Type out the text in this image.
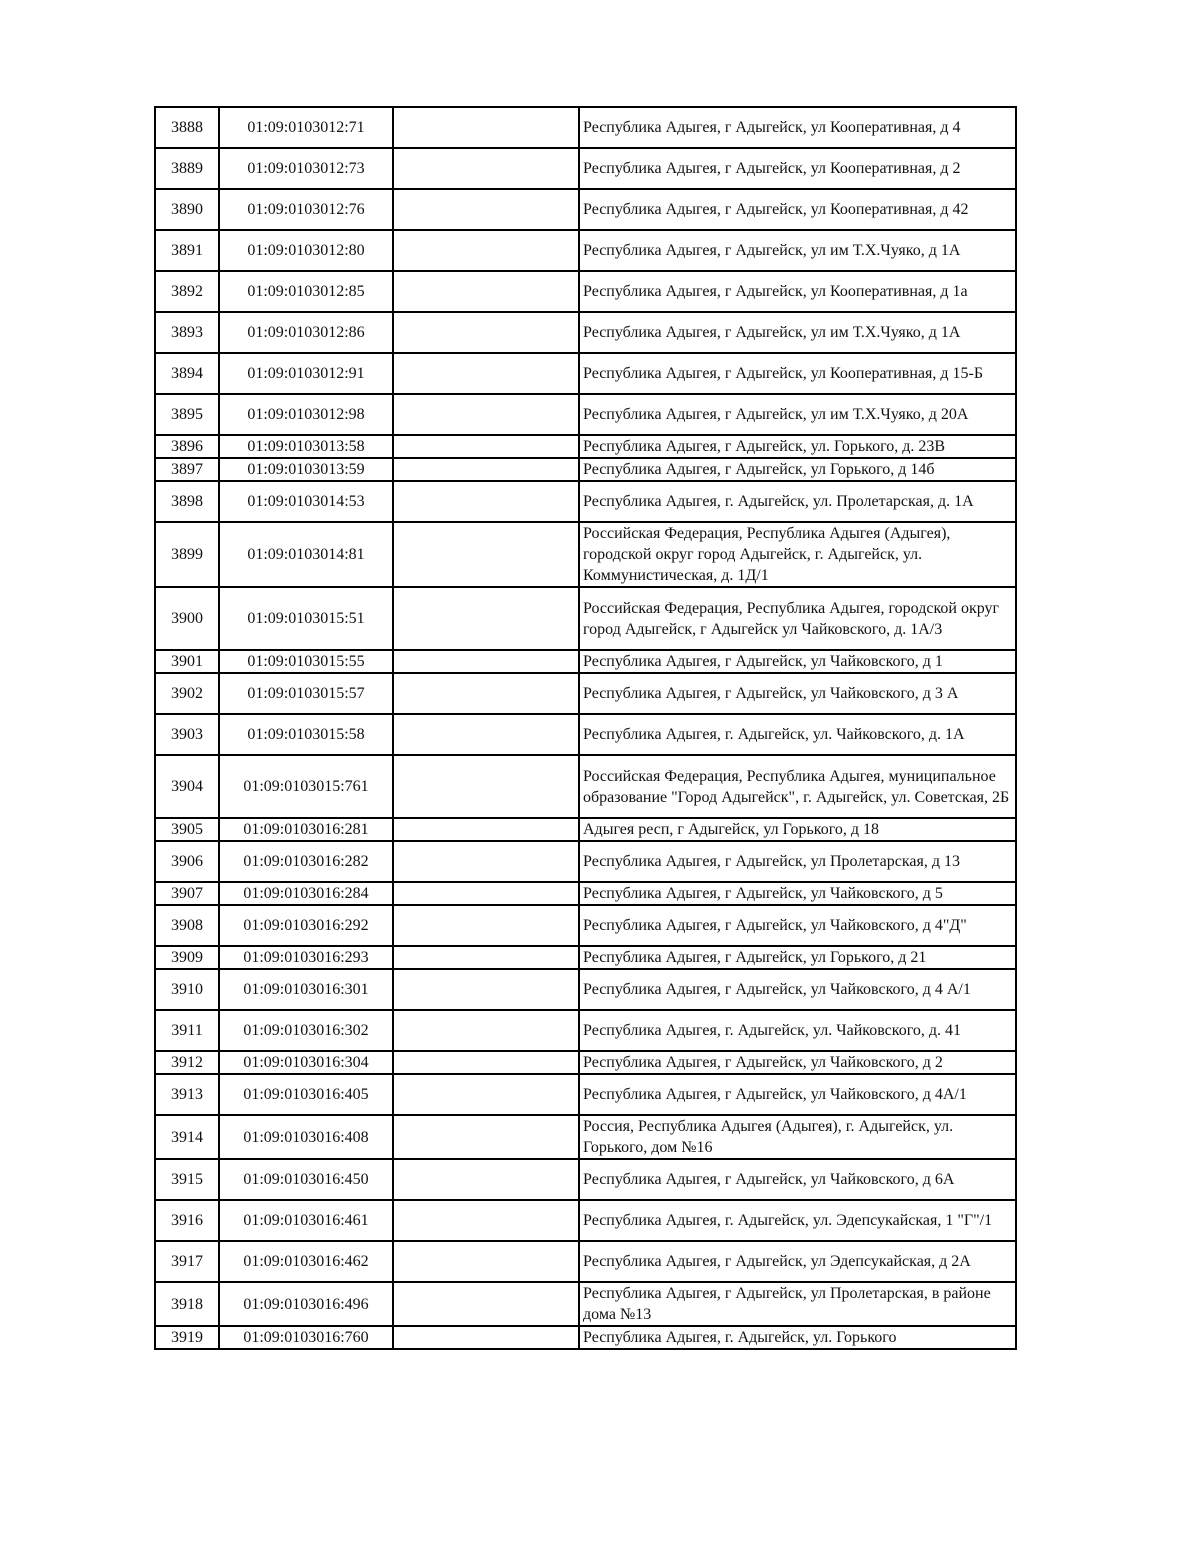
3888	01:09:0103012:71		Республика Адыгея, г Адыгейск, ул Кооперативная, д 4
3889	01:09:0103012:73		Республика Адыгея, г Адыгейск, ул Кооперативная, д 2
3890	01:09:0103012:76		Республика Адыгея, г Адыгейск, ул Кооперативная, д 42
3891	01:09:0103012:80		Республика Адыгея, г Адыгейск, ул им Т.Х.Чуяко, д 1А
3892	01:09:0103012:85		Республика Адыгея, г Адыгейск, ул Кооперативная, д 1а
3893	01:09:0103012:86		Республика Адыгея, г Адыгейск, ул им Т.Х.Чуяко, д 1А
3894	01:09:0103012:91		Республика Адыгея, г Адыгейск, ул Кооперативная, д 15-Б
3895	01:09:0103012:98		Республика Адыгея, г Адыгейск, ул им Т.Х.Чуяко, д 20А
3896	01:09:0103013:58		Республика Адыгея, г Адыгейск, ул. Горького, д. 23В
3897	01:09:0103013:59		Республика Адыгея, г Адыгейск, ул Горького, д 14б
3898	01:09:0103014:53		Республика Адыгея, г. Адыгейск, ул. Пролетарская, д. 1А
3899	01:09:0103014:81		Российская Федерация, Республика Адыгея (Адыгея), городской округ город Адыгейск, г. Адыгейск, ул. Коммунистическая, д. 1Д/1
3900	01:09:0103015:51		Российская Федерация, Республика Адыгея, городской округ город Адыгейск, г Адыгейск ул Чайковского, д. 1А/3
3901	01:09:0103015:55		Республика Адыгея, г Адыгейск, ул Чайковского, д 1
3902	01:09:0103015:57		Республика Адыгея, г Адыгейск, ул Чайковского, д 3 А
3903	01:09:0103015:58		Республика Адыгея, г. Адыгейск, ул. Чайковского, д. 1А
3904	01:09:0103015:761		Российская Федерация, Республика Адыгея, муниципальное образование "Город Адыгейск", г. Адыгейск, ул. Советская, 2Б
3905	01:09:0103016:281		Адыгея респ, г Адыгейск, ул Горького, д 18
3906	01:09:0103016:282		Республика Адыгея, г Адыгейск, ул Пролетарская, д 13
3907	01:09:0103016:284		Республика Адыгея, г Адыгейск, ул Чайковского, д 5
3908	01:09:0103016:292		Республика Адыгея, г Адыгейск, ул Чайковского, д 4"Д"
3909	01:09:0103016:293		Республика Адыгея, г Адыгейск, ул Горького, д 21
3910	01:09:0103016:301		Республика Адыгея, г Адыгейск, ул Чайковского, д 4 А/1
3911	01:09:0103016:302		Республика Адыгея, г. Адыгейск, ул. Чайковского, д. 41
3912	01:09:0103016:304		Республика Адыгея, г Адыгейск, ул Чайковского, д 2
3913	01:09:0103016:405		Республика Адыгея, г Адыгейск, ул Чайковского, д 4А/1
3914	01:09:0103016:408		Россия, Республика Адыгея (Адыгея), г. Адыгейск, ул. Горького, дом №16
3915	01:09:0103016:450		Республика Адыгея, г Адыгейск, ул Чайковского, д 6А
3916	01:09:0103016:461		Республика Адыгея, г. Адыгейск, ул. Эдепсукайская, 1 "Г"/1
3917	01:09:0103016:462		Республика Адыгея, г Адыгейск, ул Эдепсукайская, д 2А
3918	01:09:0103016:496		Республика Адыгея, г Адыгейск, ул Пролетарская, в районе дома №13
3919	01:09:0103016:760		Республика Адыгея, г. Адыгейск, ул. Горького
